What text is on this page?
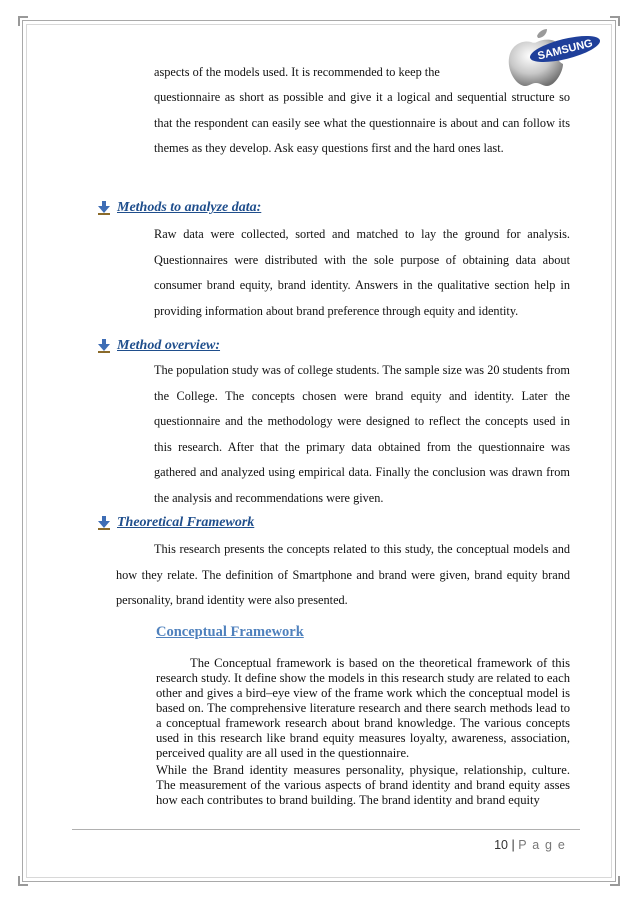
SAMSUNG
aspects of the models used. It is recommended to keep the
questionnaire as short as possible and give it a logical and sequential structure so that the respondent can easily see what the questionnaire is about and can follow its themes as they develop. Ask easy questions first and the hard ones last.
Methods to analyze data:
Raw data were collected, sorted and matched to lay the ground for analysis. Questionnaires were distributed with the sole purpose of obtaining data about consumer brand equity, brand identity. Answers in the qualitative section help in providing information about brand preference through equity and identity.
Method overview:
The population study was of college students. The sample size was 20 students from the College. The concepts chosen were brand equity and identity. Later the questionnaire and the methodology were designed to reflect the concepts used in this research. After that the primary data obtained from the questionnaire was gathered and analyzed using empirical data. Finally the conclusion was drawn from the analysis and recommendations were given.
Theoretical Framework
This research presents the concepts related to this study, the conceptual models and how they relate. The definition of Smartphone and brand were given, brand equity brand personality, brand identity were also presented.
Conceptual Framework
The Conceptual framework is based on the theoretical framework of this research study. It define show the models in this research study are related to each other and gives a bird–eye view of the frame work which the conceptual model is based on. The comprehensive literature research and there search methods lead to a conceptual framework research about brand knowledge. The various concepts used in this research like brand equity measures loyalty, awareness, association, perceived quality are all used in the questionnaire.
While the Brand identity measures personality, physique, relationship, culture. The measurement of the various aspects of brand identity and brand equity asses how each contributes to brand building. The brand identity and brand equity
10 | P a g e
